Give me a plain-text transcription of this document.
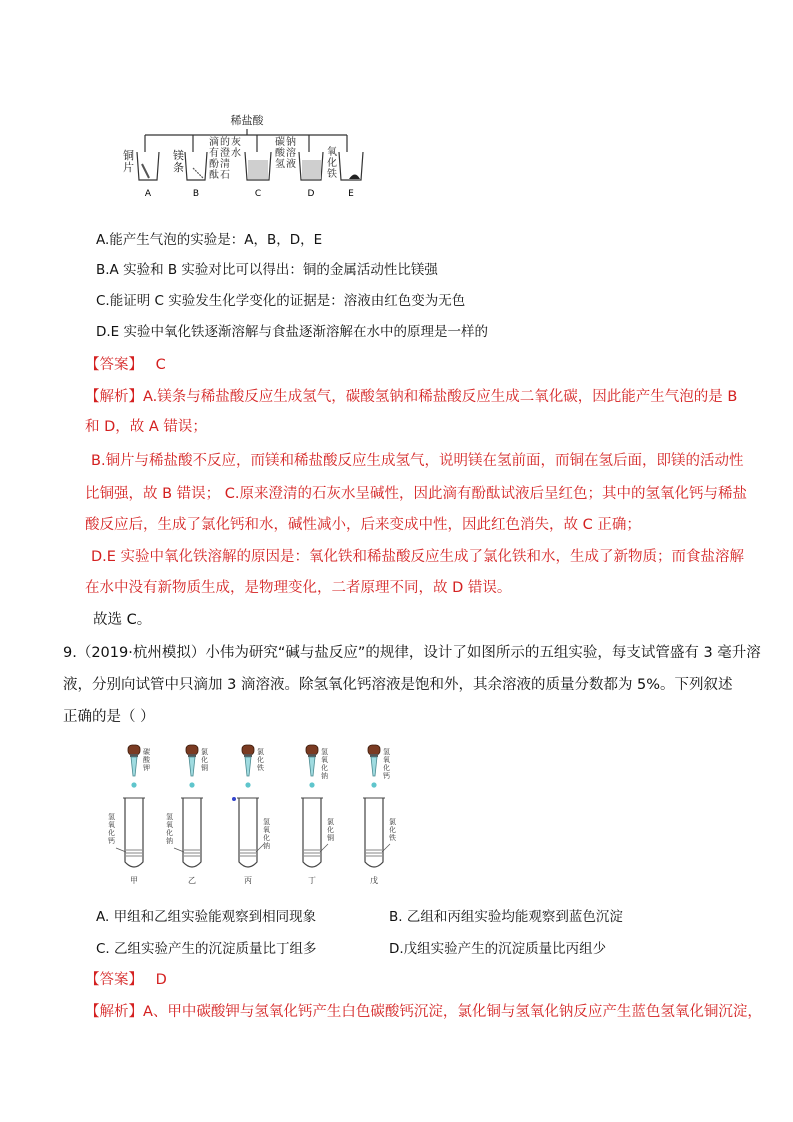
稀盐酸
铜片
镁条
滴有酚酞的澄清石灰水
碳酸氢钠溶液
氧化铁
A	B	C	D	E
A.能产生气泡的实验是：A，B，D，E
B.A 实验和 B 实验对比可以得出：铜的金属活动性比镁强
C.能证明 C 实验发生化学变化的证据是：溶液由红色变为无色
D.E 实验中氧化铁逐渐溶解与食盐逐渐溶解在水中的原理是一样的
【答案】 C
【解析】A.镁条与稀盐酸反应生成氢气，碳酸氢钠和稀盐酸反应生成二氧化碳，因此能产生气泡的是 B
和 D，故 A 错误；
B.铜片与稀盐酸不反应，而镁和稀盐酸反应生成氢气，说明镁在氢前面，而铜在氢后面，即镁的活动性
比铜强，故 B 错误； C.原来澄清的石灰水呈碱性，因此滴有酚酞试液后呈红色；其中的氢氧化钙与稀盐
酸反应后，生成了氯化钙和水，碱性减小，后来变成中性，因此红色消失，故 C 正确；
D.E 实验中氧化铁溶解的原因是：氧化铁和稀盐酸反应生成了氯化铁和水，生成了新物质；而食盐溶解
在水中没有新物质生成，是物理变化，二者原理不同，故 D 错误。
故选 C。
9.（2019·杭州模拟）小伟为研究“碱与盐反应”的规律，设计了如图所示的五组实验，每支试管盛有 3 毫升溶
液，分别向试管中只滴加 3 滴溶液。除氢氧化钙溶液是饱和外，其余溶液的质量分数都为 5%。下列叙述
正确的是（ ）
碳酸钾
氢氧化钙
甲
氯化铜
氢氧化钠
乙
氯化铁
氢氧化钠
丙
氢氧化钠
氯化铜
丁
氢氧化钙
氯化铁
戊
A. 甲组和乙组实验能观察到相同现象	B. 乙组和丙组实验均能观察到蓝色沉淀
C. 乙组实验产生的沉淀质量比丁组多	D.戊组实验产生的沉淀质量比丙组少
【答案】 D
【解析】A、甲中碳酸钾与氢氧化钙产生白色碳酸钙沉淀，氯化铜与氢氧化钠反应产生蓝色氢氧化铜沉淀，
